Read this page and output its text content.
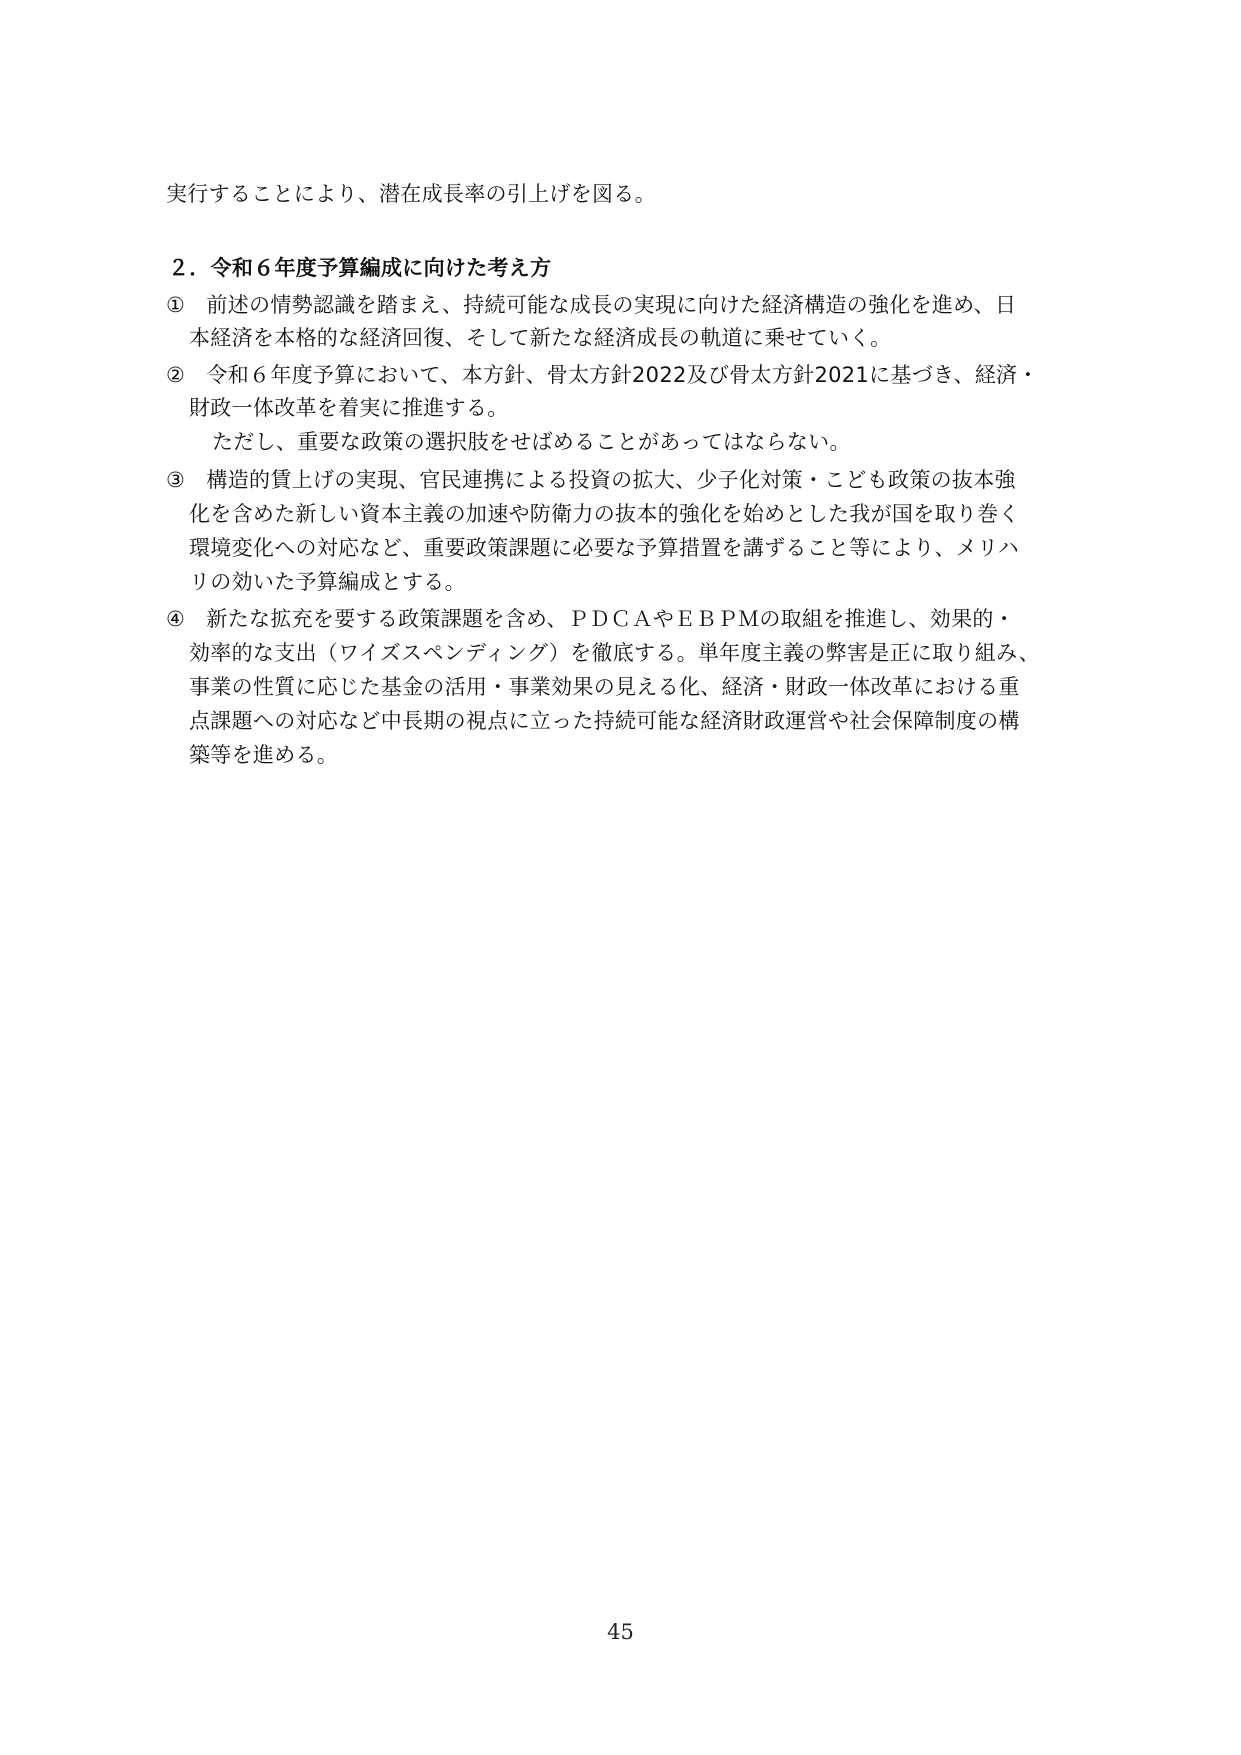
実行することにより、潜在成長率の引上げを図る。
２．令和６年度予算編成に向けた考え方
①　前述の情勢認識を踏まえ、持続可能な成長の実現に向けた経済構造の強化を進め、日
本経済を本格的な経済回復、そして新たな経済成長の軌道に乗せていく。
②　令和６年度予算において、本方針、骨太方針2022及び骨太方針2021に基づき、経済・
財政一体改革を着実に推進する。
ただし、重要な政策の選択肢をせばめることがあってはならない。
③　構造的賃上げの実現、官民連携による投資の拡大、少子化対策・こども政策の抜本強
化を含めた新しい資本主義の加速や防衛力の抜本的強化を始めとした我が国を取り巻く
環境変化への対応など、重要政策課題に必要な予算措置を講ずること等により、メリハ
リの効いた予算編成とする。
④　新たな拡充を要する政策課題を含め、ＰＤＣＡやＥＢＰＭの取組を推進し、効果的・
効率的な支出（ワイズスペンディング）を徹底する。単年度主義の弊害是正に取り組み、
事業の性質に応じた基金の活用・事業効果の見える化、経済・財政一体改革における重
点課題への対応など中長期の視点に立った持続可能な経済財政運営や社会保障制度の構
築等を進める。
45
